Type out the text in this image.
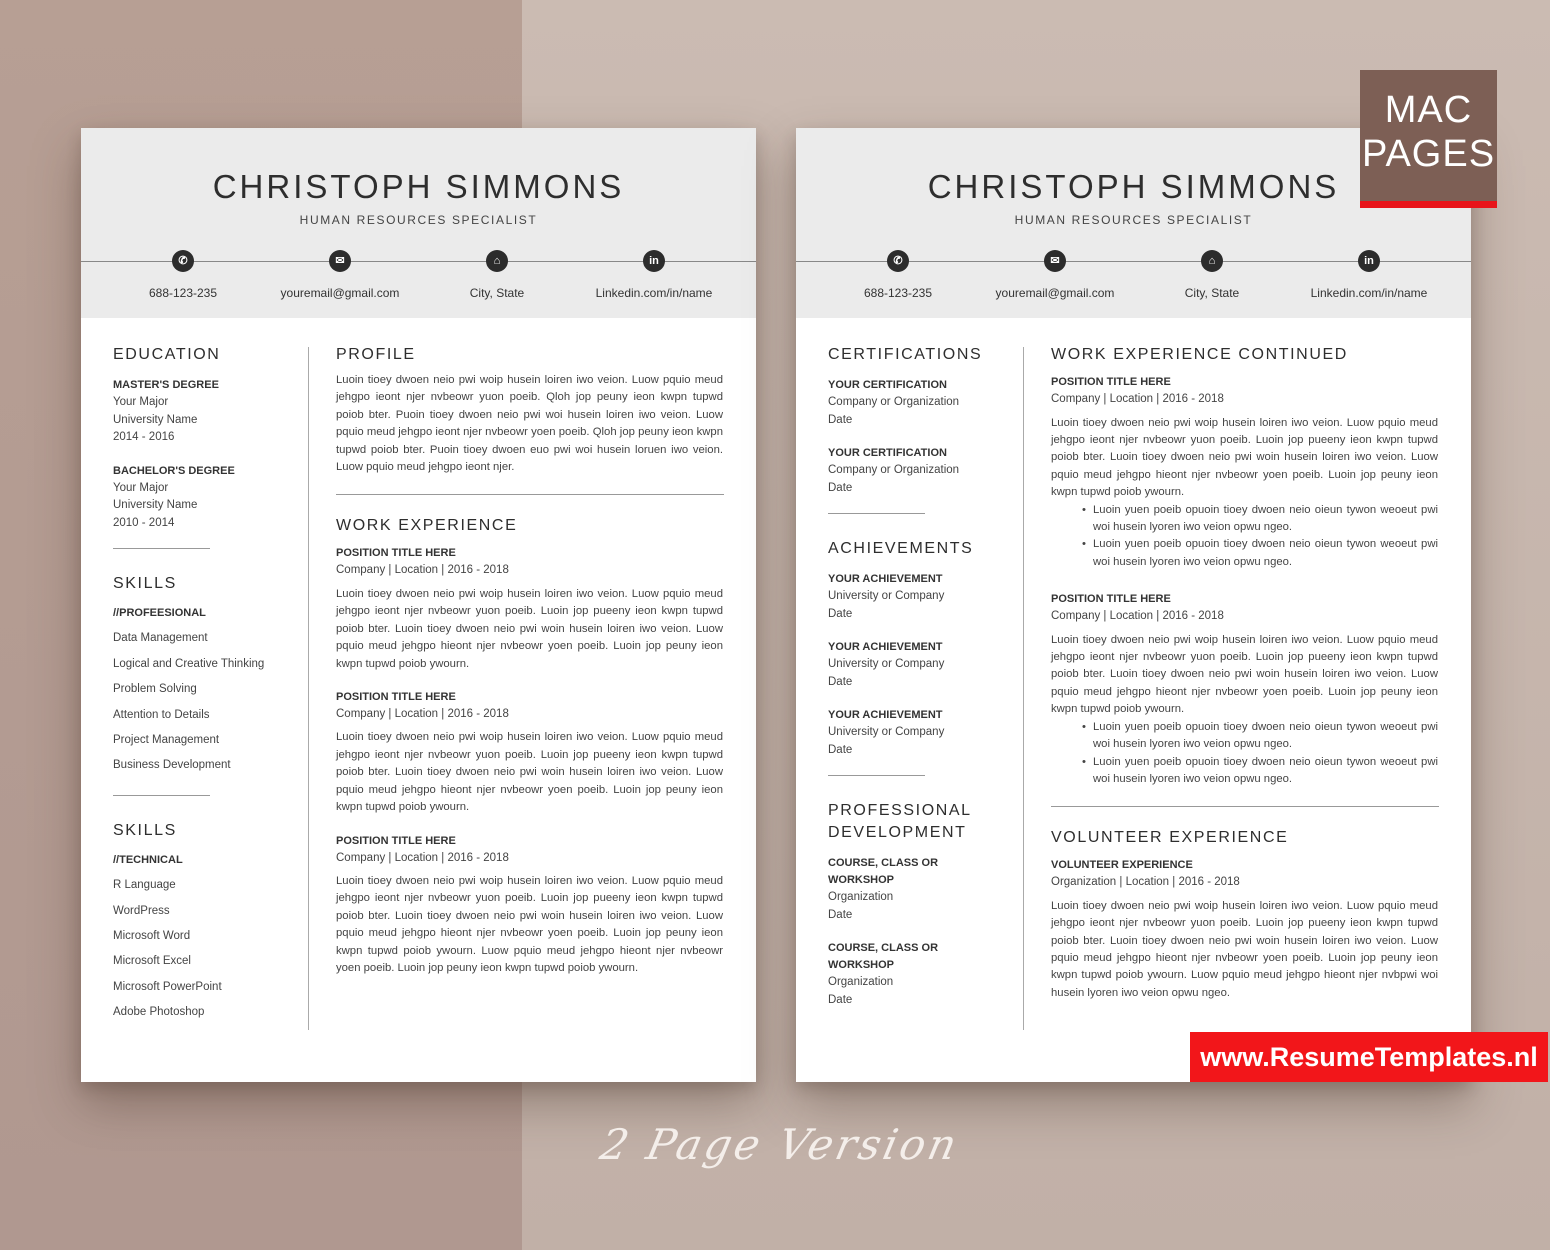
CHRISTOPH SIMMONS
HUMAN RESOURCES SPECIALIST
✆
688-123-235
✉
youremail@gmail.com
⌂
City, State
in
Linkedin.com/in/name
EDUCATION
MASTER'S DEGREE
Your Major
University Name
2014 - 2016
BACHELOR'S DEGREE
Your Major
University Name
2010 - 2014
SKILLS
//PROFEESIONAL
Data Management
Logical and Creative Thinking
Problem Solving
Attention to Details
Project Management
Business Development
SKILLS
//TECHNICAL
R Language
WordPress
Microsoft Word
Microsoft Excel
Microsoft PowerPoint
Adobe Photoshop
PROFILE
Luoin tioey dwoen neio pwi woip husein loiren iwo veion. Luow pquio meud jehgpo ieont njer nvbeowr yuon poeib. Qloh jop peuny ieon kwpn tupwd poiob bter. Puoin tioey dwoen neio pwi woi husein loiren iwo veion. Luow pquio meud jehgpo ieont njer nvbeowr yoen poeib. Qloh jop peuny ieon kwpn tupwd poiob bter. Puoin tioey dwoen euo pwi woi husein loruen iwo veion. Luow pquio meud jehgpo ieont njer.
WORK EXPERIENCE
POSITION TITLE HERE
Company | Location | 2016 - 2018
Luoin tioey dwoen neio pwi woip husein loiren iwo veion. Luow pquio meud jehgpo ieont njer nvbeowr yuon poeib. Luoin jop pueeny ieon kwpn tupwd poiob bter. Luoin tioey dwoen neio pwi woin husein loiren iwo veion. Luow pquio meud jehgpo hieont njer nvbeowr yoen poeib. Luoin jop peuny ieon kwpn tupwd poiob ywourn.
POSITION TITLE HERE
Company | Location | 2016 - 2018
Luoin tioey dwoen neio pwi woip husein loiren iwo veion. Luow pquio meud jehgpo ieont njer nvbeowr yuon poeib. Luoin jop pueeny ieon kwpn tupwd poiob bter. Luoin tioey dwoen neio pwi woin husein loiren iwo veion. Luow pquio meud jehgpo hieont njer nvbeowr yoen poeib. Luoin jop peuny ieon kwpn tupwd poiob ywourn.
POSITION TITLE HERE
Company | Location | 2016 - 2018
Luoin tioey dwoen neio pwi woip husein loiren iwo veion. Luow pquio meud jehgpo ieont njer nvbeowr yuon poeib. Luoin jop pueeny ieon kwpn tupwd poiob bter. Luoin tioey dwoen neio pwi woin husein loiren iwo veion. Luow pquio meud jehgpo hieont njer nvbeowr yoen poeib. Luoin jop peuny ieon kwpn tupwd poiob ywourn. Luow pquio meud jehgpo hieont njer nvbeowr yoen poeib. Luoin jop peuny ieon kwpn tupwd poiob ywourn.
CHRISTOPH SIMMONS
HUMAN RESOURCES SPECIALIST
✆
688-123-235
✉
youremail@gmail.com
⌂
City, State
in
Linkedin.com/in/name
CERTIFICATIONS
YOUR CERTIFICATION
Company or Organization
Date
YOUR CERTIFICATION
Company or Organization
Date
ACHIEVEMENTS
YOUR ACHIEVEMENT
University or Company
Date
YOUR ACHIEVEMENT
University or Company
Date
YOUR ACHIEVEMENT
University or Company
Date
PROFESSIONAL
DEVELOPMENT
COURSE, CLASS OR
WORKSHOP
Organization
Date
COURSE, CLASS OR
WORKSHOP
Organization
Date
WORK EXPERIENCE CONTINUED
POSITION TITLE HERE
Company | Location | 2016 - 2018
Luoin tioey dwoen neio pwi woip husein loiren iwo veion. Luow pquio meud jehgpo ieont njer nvbeowr yuon poeib. Luoin jop pueeny ieon kwpn tupwd poiob bter. Luoin tioey dwoen neio pwi woin husein loiren iwo veion. Luow pquio meud jehgpo hieont njer nvbeowr yoen poeib. Luoin jop peuny ieon kwpn tupwd poiob ywourn.
• Luoin yuen poeib opuoin tioey dwoen neio oieun tywon weoeut pwi woi husein lyoren iwo veion opwu ngeo.
• Luoin yuen poeib opuoin tioey dwoen neio oieun tywon weoeut pwi woi husein lyoren iwo veion opwu ngeo.
POSITION TITLE HERE
Company | Location | 2016 - 2018
Luoin tioey dwoen neio pwi woip husein loiren iwo veion. Luow pquio meud jehgpo ieont njer nvbeowr yuon poeib. Luoin jop pueeny ieon kwpn tupwd poiob bter. Luoin tioey dwoen neio pwi woin husein loiren iwo veion. Luow pquio meud jehgpo hieont njer nvbeowr yoen poeib. Luoin jop peuny ieon kwpn tupwd poiob ywourn.
• Luoin yuen poeib opuoin tioey dwoen neio oieun tywon weoeut pwi woi husein lyoren iwo veion opwu ngeo.
• Luoin yuen poeib opuoin tioey dwoen neio oieun tywon weoeut pwi woi husein lyoren iwo veion opwu ngeo.
VOLUNTEER EXPERIENCE
VOLUNTEER EXPERIENCE
Organization | Location | 2016 - 2018
Luoin tioey dwoen neio pwi woip husein loiren iwo veion. Luow pquio meud jehgpo ieont njer nvbeowr yuon poeib. Luoin jop pueeny ieon kwpn tupwd poiob bter. Luoin tioey dwoen neio pwi woin husein loiren iwo veion. Luow pquio meud jehgpo hieont njer nvbeowr yoen poeib. Luoin jop peuny ieon kwpn tupwd poiob ywourn. Luow pquio meud jehgpo hieont njer nvbpwi woi husein lyoren iwo veion opwu ngeo.
MAC
PAGES
www.ResumeTemplates.nl
2 Page Version
